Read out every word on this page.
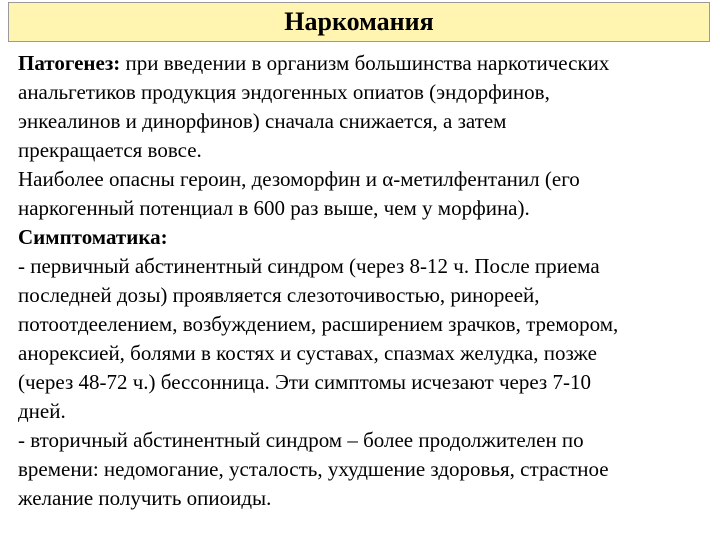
Наркомания
Патогенез: при введении в организм большинства наркотических
анальгетиков продукция эндогенных опиатов (эндорфинов,
энкеалинов и динорфинов) сначала снижается, а затем
прекращается вовсе.
Наиболее опасны героин, дезоморфин и α-метилфентанил (его
наркогенный потенциал в 600 раз выше, чем у морфина).
Симптоматика:
- первичный абстинентный синдром (через 8-12 ч. После приема
последней дозы) проявляется слезоточивостью, ринореей,
потоотдеелением, возбуждением, расширением зрачков, тремором,
анорексией, болями в костях и суставах, спазмах желудка, позже
(через 48-72 ч.) бессонница. Эти симптомы исчезают через 7-10
дней.
- вторичный абстинентный синдром – более продолжителен по
времени: недомогание, усталость, ухудшение здоровья, страстное
желание получить опиоиды.
